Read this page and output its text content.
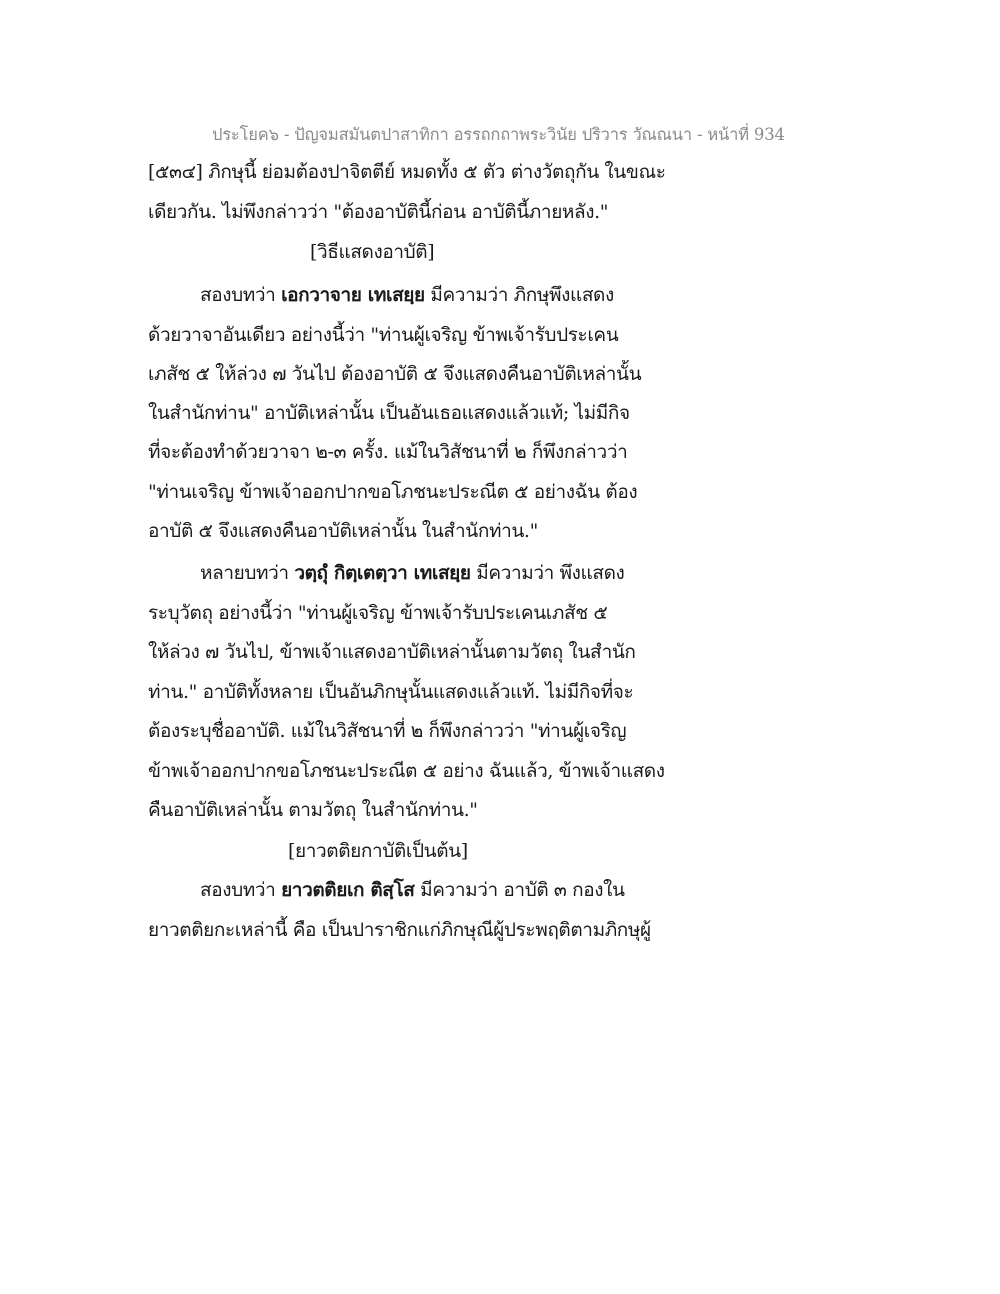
ประโยค๖ - ปัญจมสมันตปาสาทิกา อรรถกถาพระวินัย ปริวาร วัณณนา - หน้าที่ 934
[๕๓๔] ภิกษุนี้ ย่อมต้องปาจิตตีย์ หมดทั้ง ๕ ตัว ต่างวัตถุกัน ในขณะ
เดียวกัน. ไม่พึงกล่าวว่า "ต้องอาบัตินี้ก่อน อาบัตินี้ภายหลัง."
[วิธีแสดงอาบัติ]
สองบทว่า เอกวาจาย เทเสยฺย มีความว่า ภิกษุพึงแสดง
ด้วยวาจาอันเดียว อย่างนี้ว่า "ท่านผู้เจริญ ข้าพเจ้ารับประเคน
เภสัช ๕ ให้ล่วง ๗ วันไป ต้องอาบัติ ๕ จึงแสดงคืนอาบัติเหล่านั้น
ในสำนักท่าน" อาบัติเหล่านั้น เป็นอันเธอแสดงแล้วแท้; ไม่มีกิจ
ที่จะต้องทำด้วยวาจา ๒-๓ ครั้ง. แม้ในวิสัชนาที่ ๒ ก็พึงกล่าวว่า
"ท่านเจริญ ข้าพเจ้าออกปากขอโภชนะประณีต ๕ อย่างฉัน ต้อง
อาบัติ ๕ จึงแสดงคืนอาบัติเหล่านั้น ในสำนักท่าน."
หลายบทว่า วตฺถุํ กิตฺเตตฺวา เทเสยฺย มีความว่า พึงแสดง
ระบุวัตถุ อย่างนี้ว่า "ท่านผู้เจริญ ข้าพเจ้ารับประเคนเภสัช ๕
ให้ล่วง ๗ วันไป, ข้าพเจ้าแสดงอาบัติเหล่านั้นตามวัตถุ ในสำนัก
ท่าน." อาบัติทั้งหลาย เป็นอันภิกษุนั้นแสดงแล้วแท้. ไม่มีกิจที่จะ
ต้องระบุชื่ออาบัติ. แม้ในวิสัชนาที่ ๒ ก็พึงกล่าวว่า "ท่านผู้เจริญ
ข้าพเจ้าออกปากขอโภชนะประณีต ๕ อย่าง ฉันแล้ว, ข้าพเจ้าแสดง
คืนอาบัติเหล่านั้น ตามวัตถุ ในสำนักท่าน."
[ยาวตติยกาบัติเป็นต้น]
สองบทว่า ยาวตติยเก ติสฺโส มีความว่า อาบัติ ๓ กองใน
ยาวตติยกะเหล่านี้ คือ เป็นปาราชิกแก่ภิกษุณีผู้ประพฤติตามภิกษุผู้
